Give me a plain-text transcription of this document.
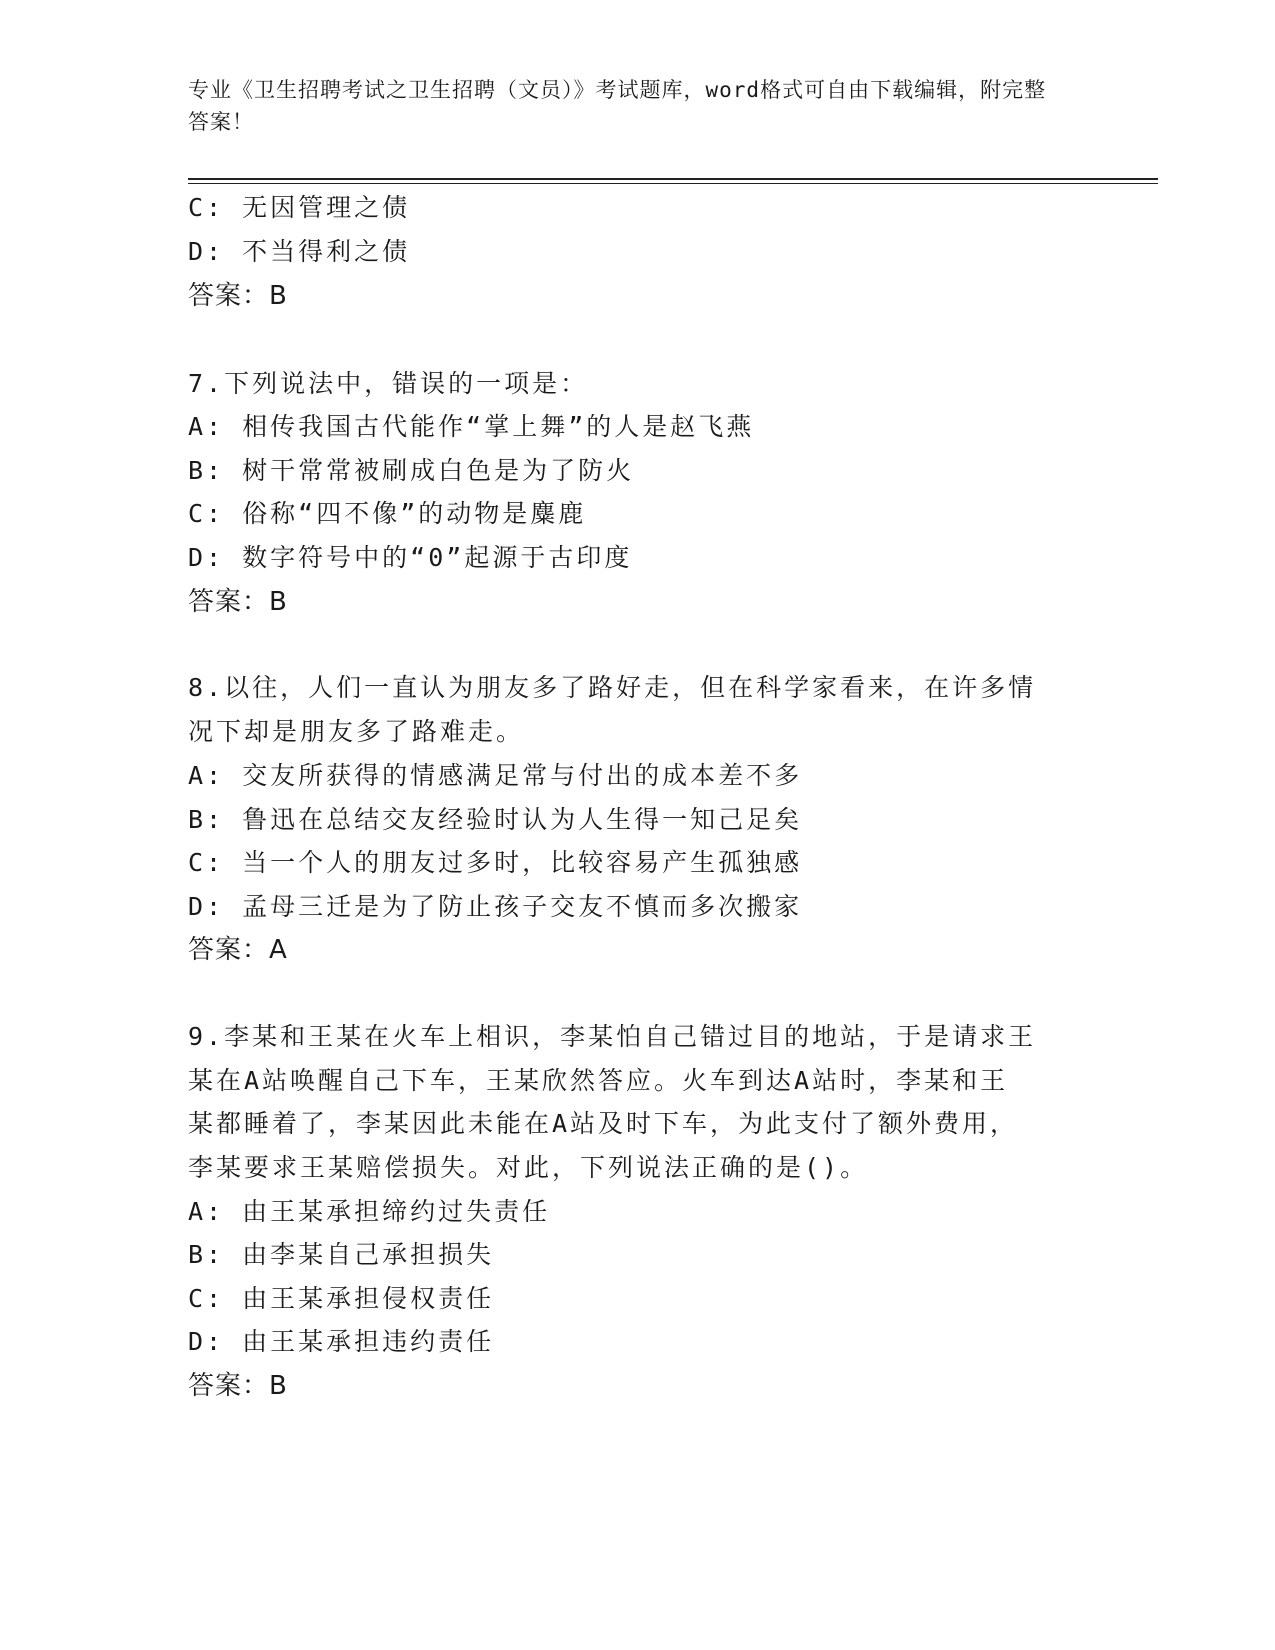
专业《卫生招聘考试之卫生招聘（文员）》考试题库，word格式可自由下载编辑，附完整答案！
C: 无因管理之债
D: 不当得利之债
答案：B
7.下列说法中，错误的一项是：
A: 相传我国古代能作“掌上舞”的人是赵飞燕
B: 树干常常被刷成白色是为了防火
C: 俗称“四不像”的动物是麋鹿
D: 数字符号中的“0”起源于古印度
答案：B
8.以往，人们一直认为朋友多了路好走，但在科学家看来，在许多情
况下却是朋友多了路难走。
A: 交友所获得的情感满足常与付出的成本差不多
B: 鲁迅在总结交友经验时认为人生得一知己足矣
C: 当一个人的朋友过多时，比较容易产生孤独感
D: 孟母三迁是为了防止孩子交友不慎而多次搬家
答案：A
9.李某和王某在火车上相识，李某怕自己错过目的地站，于是请求王
某在A站唤醒自己下车，王某欣然答应。火车到达A站时，李某和王
某都睡着了，李某因此未能在A站及时下车，为此支付了额外费用，
李某要求王某赔偿损失。对此，下列说法正确的是()。
A: 由王某承担缔约过失责任
B: 由李某自己承担损失
C: 由王某承担侵权责任
D: 由王某承担违约责任
答案：B
